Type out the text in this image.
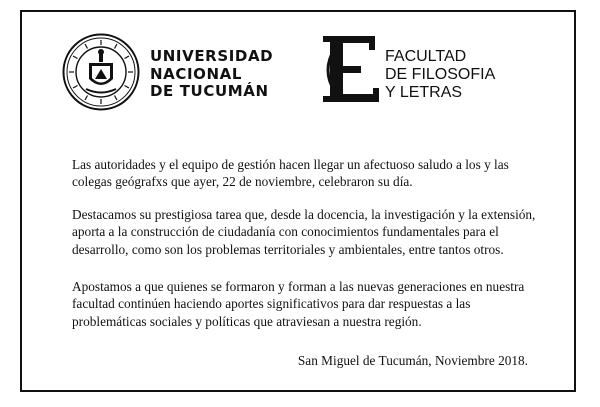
UNIVERSIDAD
NACIONAL
DE TUCUMÁN
FACULTAD
DE FILOSOFIA
Y LETRAS
Las autoridades y el equipo de gestión hacen llegar un afectuoso saludo a los y las colegas geógrafxs que ayer, 22 de noviembre, celebraron su día.
Destacamos su prestigiosa tarea que, desde la docencia, la investigación y la extensión, aporta a la construcción de ciudadanía con conocimientos fundamentales para el desarrollo, como son los problemas territoriales y ambientales, entre tantos otros.
Apostamos a que quienes se formaron y forman a las nuevas generaciones en nuestra facultad continúen haciendo aportes significativos para dar respuestas a las problemáticas sociales y políticas que atraviesan a nuestra región.
San Miguel de Tucumán, Noviembre 2018.
